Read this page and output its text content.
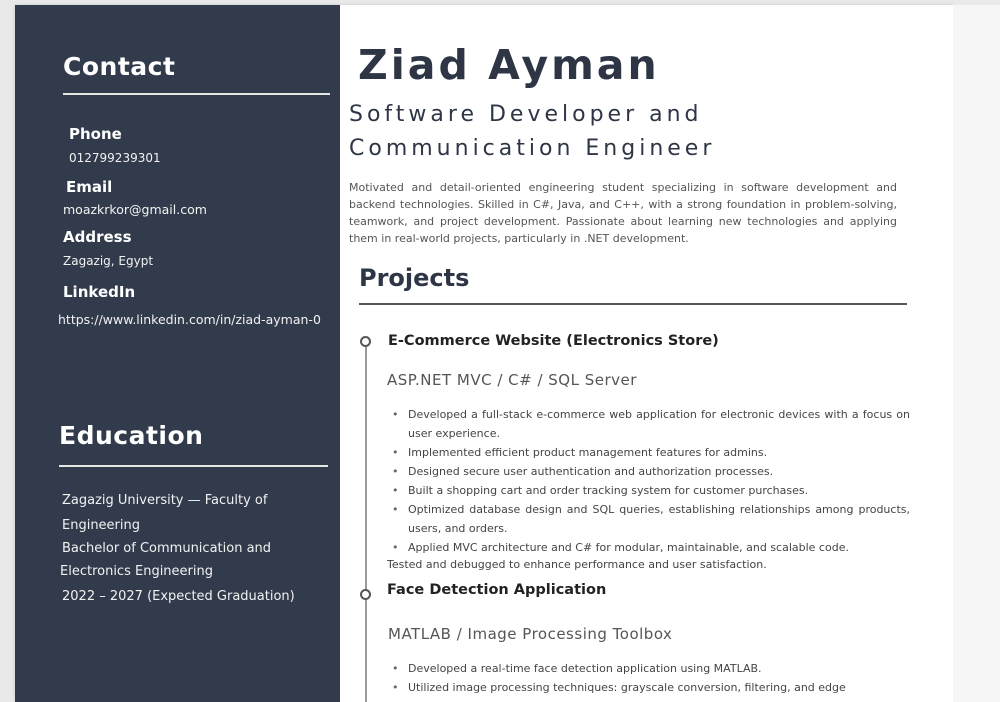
Contact
Phone
012799239301
Email
moazkrkor@gmail.com
Address
Zagazig, Egypt
LinkedIn
https://www.linkedin.com/in/ziad-ayman-0
Education
Zagazig University — Faculty of
Engineering
Bachelor of Communication and
Electronics Engineering
2022 – 2027 (Expected Graduation)
Ziad Ayman
Software Developer and
Communication Engineer
Motivated and detail-oriented engineering student specializing in software development and backend technologies. Skilled in C#, Java, and C++, with a strong foundation in problem-solving, teamwork, and project development. Passionate about learning new technologies and applying them in real-world projects, particularly in .NET development.
Projects
E-Commerce Website (Electronics Store)
ASP.NET MVC / C# / SQL Server
• Developed a full-stack e-commerce web application for electronic devices with a focus on user experience.
• Implemented efficient product management features for admins.
• Designed secure user authentication and authorization processes.
• Built a shopping cart and order tracking system for customer purchases.
• Optimized database design and SQL queries, establishing relationships among products, users, and orders.
• Applied MVC architecture and C# for modular, maintainable, and scalable code.
Tested and debugged to enhance performance and user satisfaction.
Face Detection Application
MATLAB / Image Processing Toolbox
• Developed a real-time face detection application using MATLAB.
• Utilized image processing techniques: grayscale conversion, filtering, and edge
